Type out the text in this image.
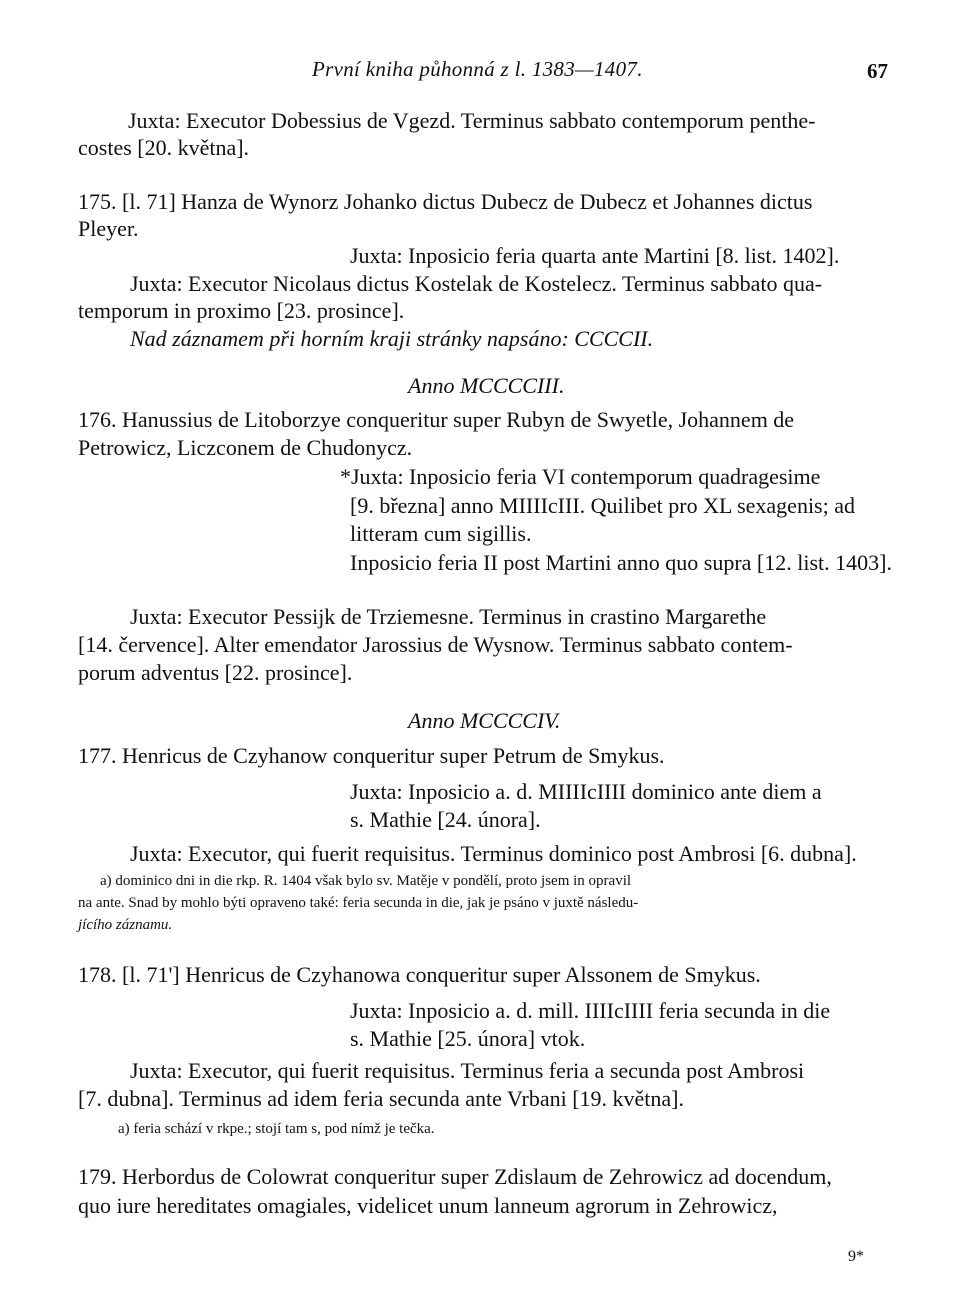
První kniha půhonná z l. 1383—1407.	67
Juxta: Executor Dobessius de Vgezd. Terminus sabbato contemporum penthe-
costes [20. května].
175. [l. 71] Hanza de Wynorz Johanko dictus Dubecz de Dubecz et Johannes dictus
Pleyer.
Juxta: Inposicio feria quarta ante Martini [8. list. 1402].
Juxta: Executor Nicolaus dictus Kostelak de Kostelecz. Terminus sabbato qua-
temporum in proximo [23. prosince].
Nad záznamem při horním kraji stránky napsáno: CCCCII.
Anno MCCCCIII.
176. Hanussius de Litoborzye conqueritur super Rubyn de Swyetle, Johannem de
Petrowicz, Liczconem de Chudonycz.
*Juxta: Inposicio feria VI contemporum quadragesime
[9. března] anno MIIIIcIII. Quilibet pro XL sexagenis; ad
litteram cum sigillis.
Inposicio feria II post Martini anno quo supra [12. list. 1403].
Juxta: Executor Pessijk de Trziemesne. Terminus in crastino Margarethe
[14. července]. Alter emendator Jarossius de Wysnow. Terminus sabbato contem-
porum adventus [22. prosince].
Anno MCCCCIV.
177. Henricus de Czyhanow conqueritur super Petrum de Smykus.
Juxta: Inposicio a. d. MIIIIcIIII dominico ante diem a
s. Mathie [24. února].
Juxta: Executor, qui fuerit requisitus. Terminus dominico post Ambrosi [6. dubna].
a) dominico dni in die rkp. R. 1404 však bylo sv. Matěje v pondělí, proto jsem in opravil
na ante. Snad by mohlo býti opraveno také: feria secunda in die, jak je psáno v juxtě následu-
jícího záznamu.
178. [l. 71'] Henricus de Czyhanowa conqueritur super Alssonem de Smykus.
Juxta: Inposicio a. d. mill. IIIIcIIII feria secunda in die
s. Mathie [25. února] vtok.
Juxta: Executor, qui fuerit requisitus. Terminus feria a secunda post Ambrosi
[7. dubna]. Terminus ad idem feria secunda ante Vrbani [19. května].
a) feria schází v rkpe.; stojí tam s, pod nímž je tečka.
179. Herbordus de Colowrat conqueritur super Zdislaum de Zehrowicz ad docendum,
quo iure hereditates omagiales, videlicet unum lanneum agrorum in Zehrowicz,
9*
